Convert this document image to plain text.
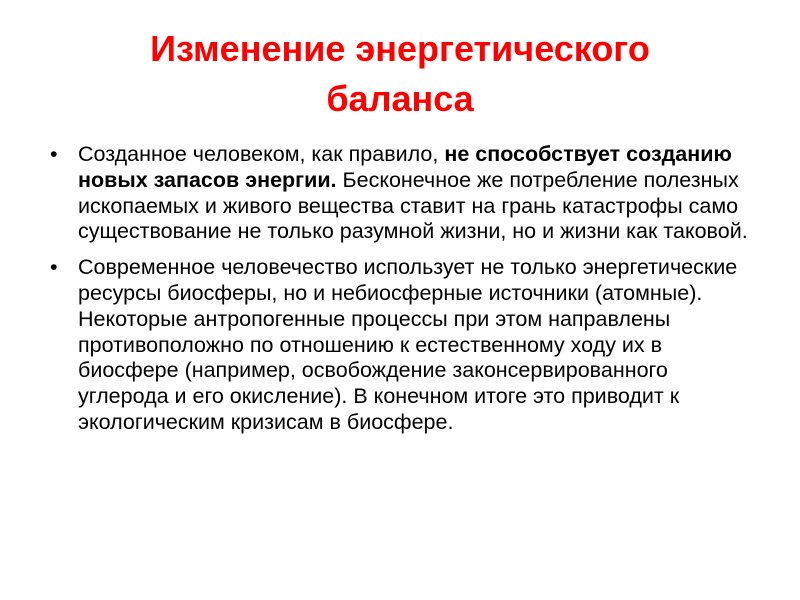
Изменение энергетического
баланса
• Созданное человеком, как правило, не способствует созданию новых запасов энергии. Бесконечное же потребление полезных ископаемых и живого вещества ставит на грань катастрофы само существование не только разумной жизни, но и жизни как таковой.
• Современное человечество использует не только энергетические ресурсы биосферы, но и небиосферные источники (атомные). Некоторые антропогенные процессы при этом направлены противоположно по отношению к естественному ходу их в биосфере (например, освобождение законсервированного углерода и его окисление). В конечном итоге это приводит к экологическим кризисам в биосфере.
